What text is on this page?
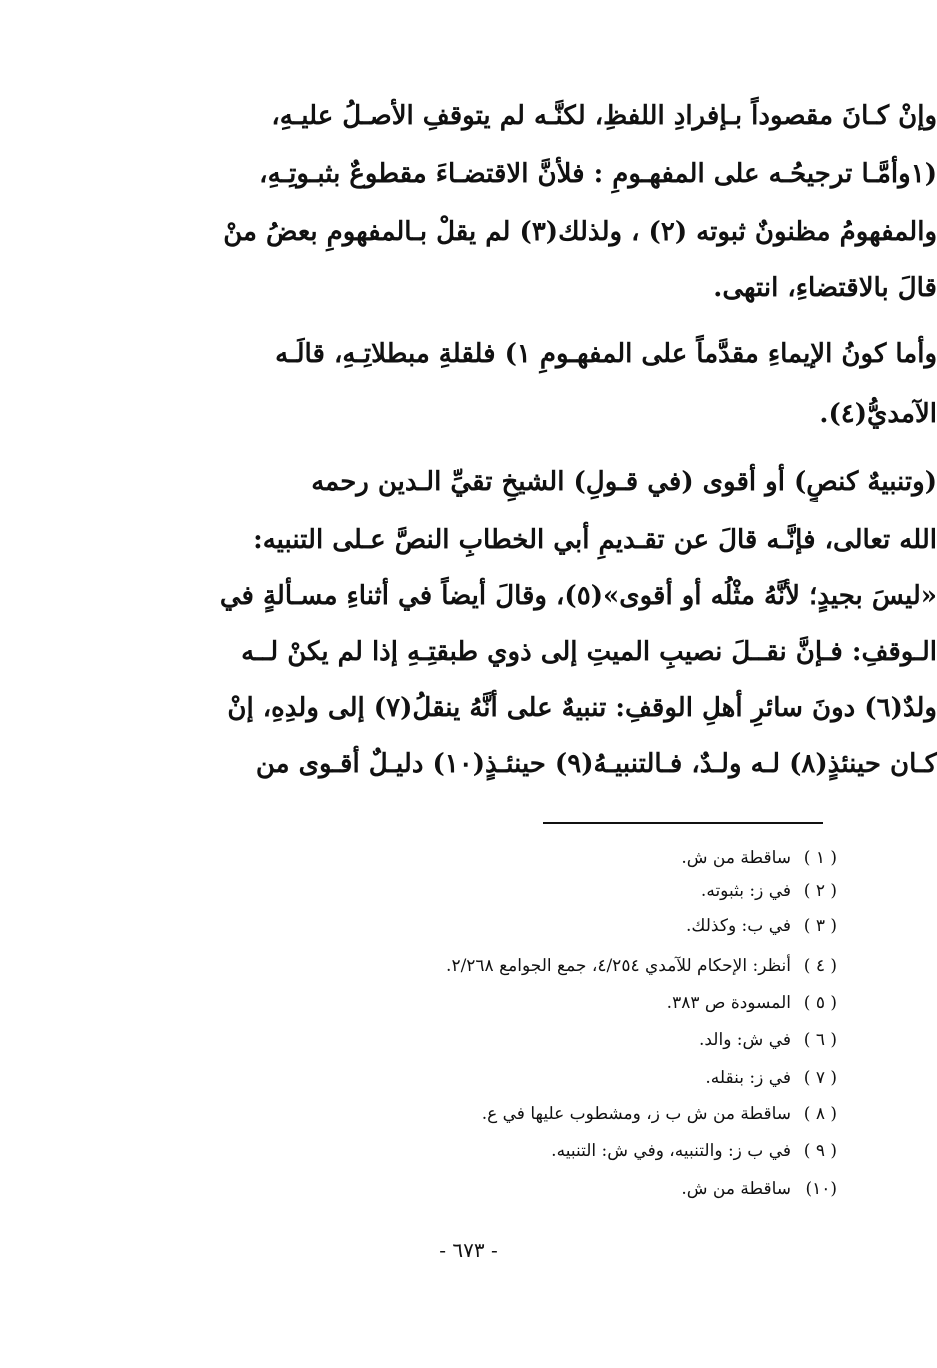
وإنْ كـانَ مقصوداً بـإفرادِ اللفظِ، لكنَّـه لم يتوقفِ الأصـلُ عليـهِ،
(١وأمَّـا ترجيحُـه على المفهـومِ : فلأنَّ الاقتضـاءَ مقطوعٌ بثبـوتِـهِ،
والمفهومُ مظنونٌ ثبوته (٢) ، ولذلك(٣) لم يقلْ بـالمفهومِ بعضُ منْ
قالَ بالاقتضاءِ، انتهى.
وأما كونُ الإيماءِ مقدَّماً على المفهـومِ ١) فلقلةِ مبطلاتِـهِ، قالَـه
الآمديُّ(٤).
(وتنبيهٌ كنصٍ) أو أقوى (في قـولِ) الشيخِ تقيِّ الـدين رحمه
الله تعالى، فإنَّـه قالَ عن تقـديمِ أبي الخطابِ النصَّ عـلى التنبيه:
«ليسَ بجيدٍ؛ لأنَّهُ مثْلُه أو أقوى»(٥)، وقالَ أيضاً في أثناءِ مسـألةٍ في
الـوقفِ: فـإنَّ نقــلَ نصيبِ الميتِ إلى ذوي طبقتِـهِ إذا لم يكنْ لــه
ولدٌ(٦) دونَ سائرِ أهلِ الوقفِ: تنبيهٌ على أنَّهُ ينقلُ(٧) إلى ولدِهِ، إنْ
كـان حينئذٍ(٨) لـه ولـدٌ، فـالتنبيـهُ(٩) حينئـذٍ(١٠) دليـلٌ أقـوى من
( ١ )ساقطة من ش.
( ٢ )في ز: بثبوته.
( ٣ )في ب: وكذلك.
( ٤ )أنظر: الإحكام للآمدي ٤/٢٥٤، جمع الجوامع ٢/٢٦٨.
( ٥ )المسودة ص ٣٨٣.
( ٦ )في ش: والد.
( ٧ )في ز: بنقله.
( ٨ )ساقطة من ش ب ز، ومشطوب عليها في ع.
( ٩ )في ب ز: والتنبيه، وفي ش: التنبيه.
(١٠)ساقطة من ش.
- ٦٧٣ -
